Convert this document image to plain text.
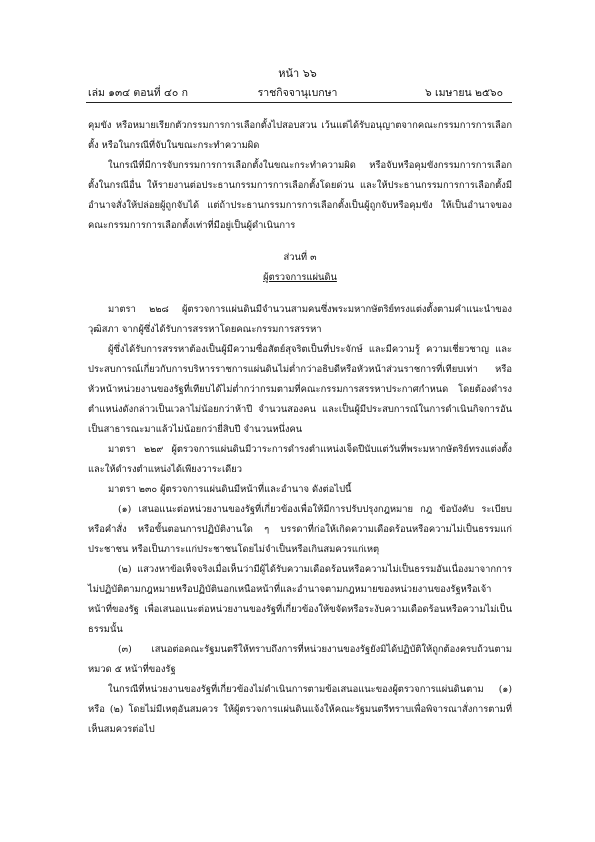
หน้า ๖๖
เล่ม ๑๓๔ ตอนที่ ๔๐ ก	ราชกิจจานุเบกษา	๖ เมษายน ๒๕๖๐

คุมขัง หรือหมายเรียกตัวกรรมการการเลือกตั้งไปสอบสวน เว้นแต่ได้รับอนุญาตจากคณะกรรมการการเลือกตั้ง หรือในกรณีที่จับในขณะกระทำความผิด

ในกรณีที่มีการจับกรรมการการเลือกตั้งในขณะกระทำความผิด หรือจับหรือคุมขังกรรมการการเลือกตั้งในกรณีอื่น ให้รายงานต่อประธานกรรมการการเลือกตั้งโดยด่วน และให้ประธานกรรมการการเลือกตั้งมีอำนาจสั่งให้ปล่อยผู้ถูกจับได้ แต่ถ้าประธานกรรมการการเลือกตั้งเป็นผู้ถูกจับหรือคุมขัง ให้เป็นอำนาจของคณะกรรมการการเลือกตั้งเท่าที่มีอยู่เป็นผู้ดำเนินการ

ส่วนที่ ๓

ผู้ตรวจการแผ่นดิน

มาตรา ๒๒๘ ผู้ตรวจการแผ่นดินมีจำนวนสามคนซึ่งพระมหากษัตริย์ทรงแต่งตั้งตามคำแนะนำของวุฒิสภา จากผู้ซึ่งได้รับการสรรหาโดยคณะกรรมการสรรหา

ผู้ซึ่งได้รับการสรรหาต้องเป็นผู้มีความซื่อสัตย์สุจริตเป็นที่ประจักษ์ และมีความรู้ ความเชี่ยวชาญ และประสบการณ์เกี่ยวกับการบริหารราชการแผ่นดินไม่ต่ำกว่าอธิบดีหรือหัวหน้าส่วนราชการที่เทียบเท่า หรือหัวหน้าหน่วยงานของรัฐที่เทียบได้ไม่ต่ำกว่ากรมตามที่คณะกรรมการสรรหาประกาศกำหนด โดยต้องดำรงตำแหน่งดังกล่าวเป็นเวลาไม่น้อยกว่าห้าปี จำนวนสองคน และเป็นผู้มีประสบการณ์ในการดำเนินกิจการอันเป็นสาธารณะมาแล้วไม่น้อยกว่ายี่สิบปี จำนวนหนึ่งคน

มาตรา ๒๒๙ ผู้ตรวจการแผ่นดินมีวาระการดำรงตำแหน่งเจ็ดปีนับแต่วันที่พระมหากษัตริย์ทรงแต่งตั้ง และให้ดำรงตำแหน่งได้เพียงวาระเดียว

มาตรา ๒๓๐ ผู้ตรวจการแผ่นดินมีหน้าที่และอำนาจ ดังต่อไปนี้

(๑) เสนอแนะต่อหน่วยงานของรัฐที่เกี่ยวข้องเพื่อให้มีการปรับปรุงกฎหมาย กฎ ข้อบังคับ ระเบียบ หรือคำสั่ง หรือขั้นตอนการปฏิบัติงานใด ๆ บรรดาที่ก่อให้เกิดความเดือดร้อนหรือความไม่เป็นธรรมแก่ประชาชน หรือเป็นภาระแก่ประชาชนโดยไม่จำเป็นหรือเกินสมควรแก่เหตุ

(๒) แสวงหาข้อเท็จจริงเมื่อเห็นว่ามีผู้ได้รับความเดือดร้อนหรือความไม่เป็นธรรมอันเนื่องมาจากการไม่ปฏิบัติตามกฎหมายหรือปฏิบัตินอกเหนือหน้าที่และอำนาจตามกฎหมายของหน่วยงานของรัฐหรือเจ้าหน้าที่ของรัฐ เพื่อเสนอแนะต่อหน่วยงานของรัฐที่เกี่ยวข้องให้ขจัดหรือระงับความเดือดร้อนหรือความไม่เป็นธรรมนั้น

(๓) เสนอต่อคณะรัฐมนตรีให้ทราบถึงการที่หน่วยงานของรัฐยังมิได้ปฏิบัติให้ถูกต้องครบถ้วนตามหมวด ๕ หน้าที่ของรัฐ

ในกรณีที่หน่วยงานของรัฐที่เกี่ยวข้องไม่ดำเนินการตามข้อเสนอแนะของผู้ตรวจการแผ่นดินตาม (๑) หรือ (๒) โดยไม่มีเหตุอันสมควร ให้ผู้ตรวจการแผ่นดินแจ้งให้คณะรัฐมนตรีทราบเพื่อพิจารณาสั่งการตามที่เห็นสมควรต่อไป
